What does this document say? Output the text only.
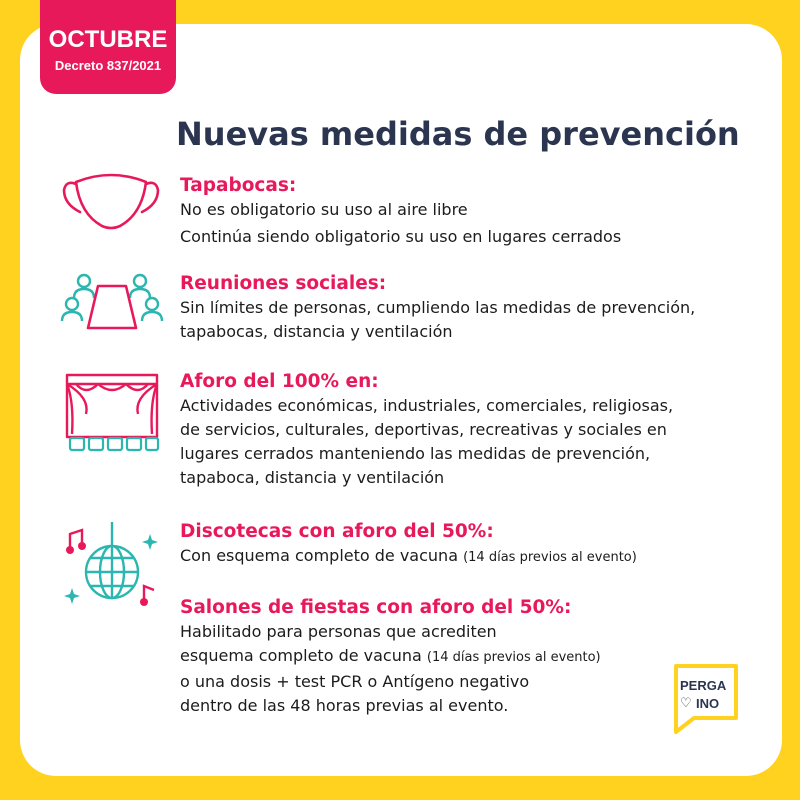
OCTUBRE
Decreto 837/2021
Nuevas medidas de prevención
Tapabocas:

No es obligatorio su uso al aire libre

Continúa siendo obligatorio su uso en lugares cerrados

Reuniones sociales:

Sin límites de personas, cumpliendo las medidas de prevención,

tapabocas, distancia y ventilación

Aforo del 100% en:

Actividades económicas, industriales, comerciales, religiosas,

de servicios, culturales, deportivas, recreativas y sociales en

lugares cerrados manteniendo las medidas de prevención,

tapaboca, distancia y ventilación

Discotecas con aforo del 50%:

Con esquema completo de vacuna (14 días previos al evento)

Salones de fiestas con aforo del 50%:

Habilitado para personas que acrediten

esquema completo de vacuna (14 días previos al evento)

o una dosis + test PCR o Antígeno negativo

dentro de las 48 horas previas al evento.

PERGA
♡ INO
